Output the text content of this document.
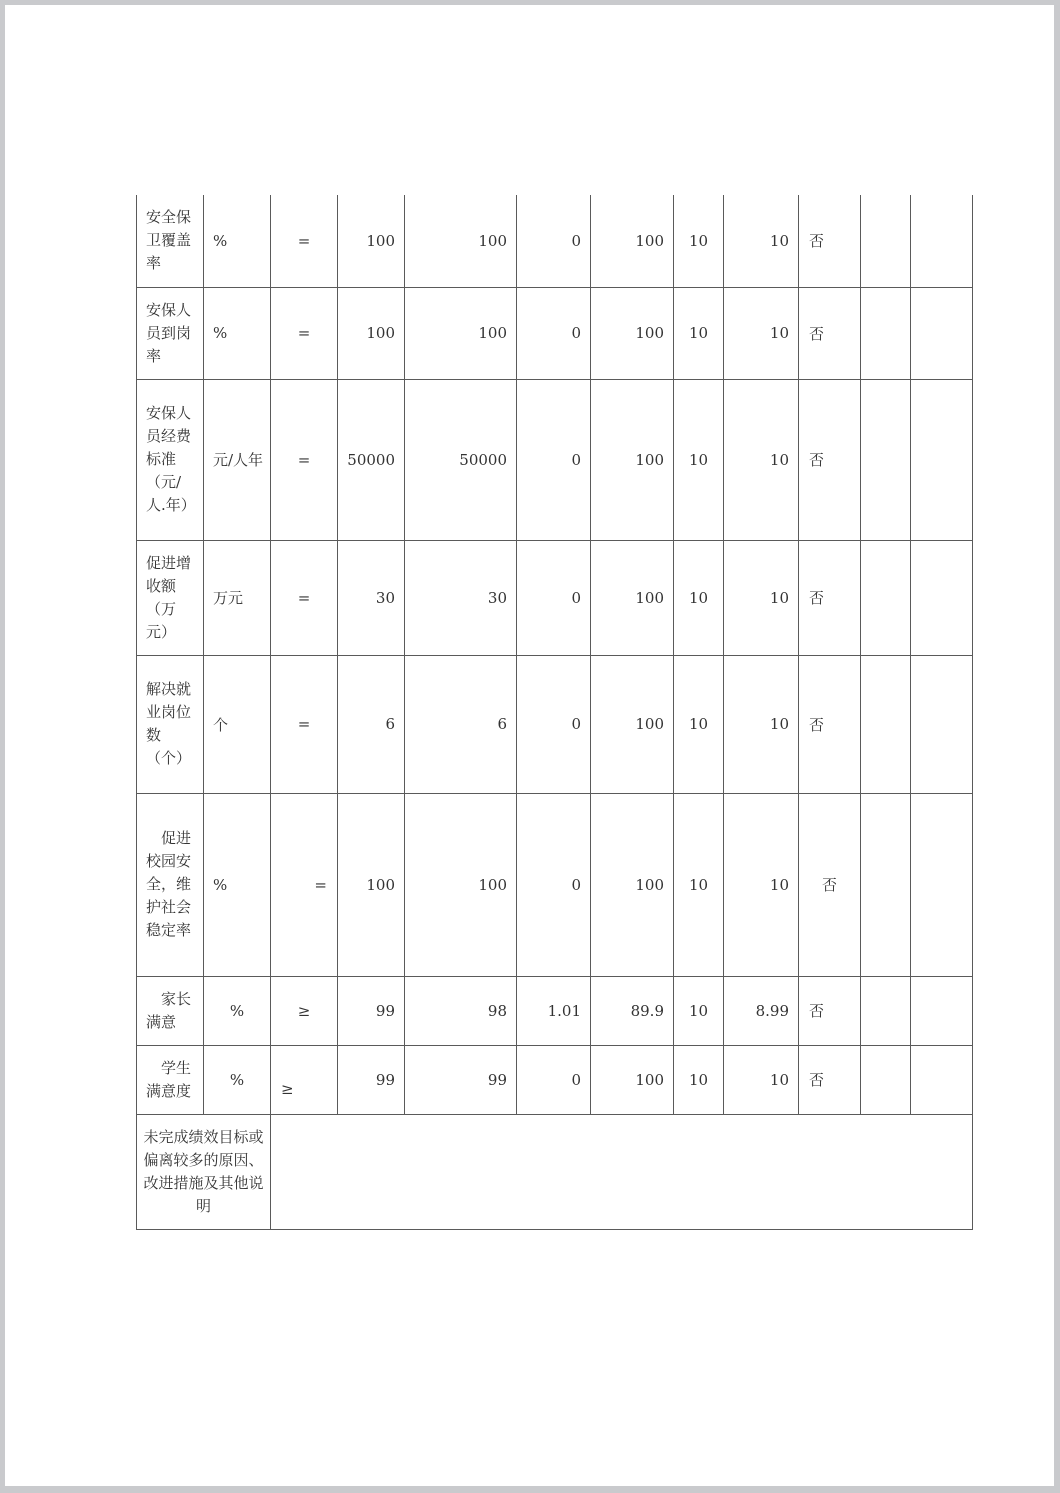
安全保卫覆盖率	%	=	100	100	0	100	10	10	否		
安保人员到岗率	%	=	100	100	0	100	10	10	否		
安保人员经费标准（元/人.年）	元/人年	=	50000	50000	0	100	10	10	否		
促进增收额（万元）	万元	=	30	30	0	100	10	10	否		
解决就业岗位数（个）	个	=	6	6	0	100	10	10	否		
促进校园安全，维护社会稳定率	%	=	100	100	0	100	10	10	否		
家长满意	%	≥	99	98	1.01	89.9	10	8.99	否		
学生满意度	%	≥	99	99	0	100	10	10	否		
未完成绩效目标或偏离较多的原因、改进措施及其他说明											
